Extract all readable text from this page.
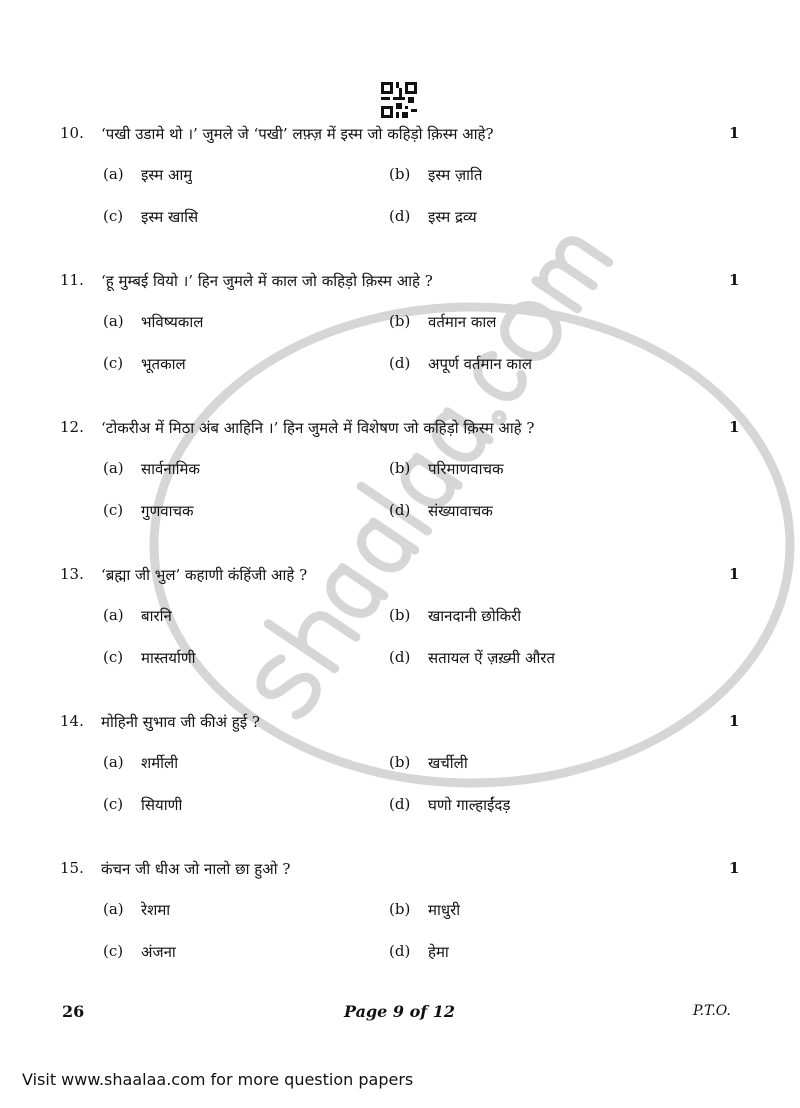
10. ‘पखी उडामे थो ।’ जुमले जे ‘पखी’ लफ़्ज़ में इस्म जो कहिड़ो क़िस्म आहे?	1
(a) इस्म आमु	(b) इस्म ज़ाति
(c) इस्म खासि	(d) इस्म द्रव्य
11. ‘हू मुम्बई वियो ।’ हिन जुमले में काल जो कहिड़ो क़िस्म आहे ?	1
(a) भविष्यकाल	(b) वर्तमान काल
(c) भूतकाल	(d) अपूर्ण वर्तमान काल
12. ‘टोकरीअ में मिठा अंब आहिनि ।’ हिन जुमले में विशेषण जो कहिड़ो क़िस्म आहे ?	1
(a) सार्वनामिक	(b) परिमाणवाचक
(c) गुणवाचक	(d) संख्यावाचक
13. ‘ब्रह्मा जी भुल’ कहाणी कंहिंजी आहे ?	1
(a) बारनि	(b) खानदानी छोकिरी
(c) मास्तर्याणी	(d) सतायल ऐं ज़ख़्मी औरत
14. मोहिनी सुभाव जी कीअं हुई ?	1
(a) शर्मीली	(b) खर्चीली
(c) सियाणी	(d) घणो गाल्हाईंदड़
15. कंचन जी धीअ जो नालो छा हुओ ?	1
(a) रेशमा	(b) माधुरी
(c) अंजना	(d) हेमा
26	Page 9 of 12	P.T.O.
Visit www.shaalaa.com for more question papers
